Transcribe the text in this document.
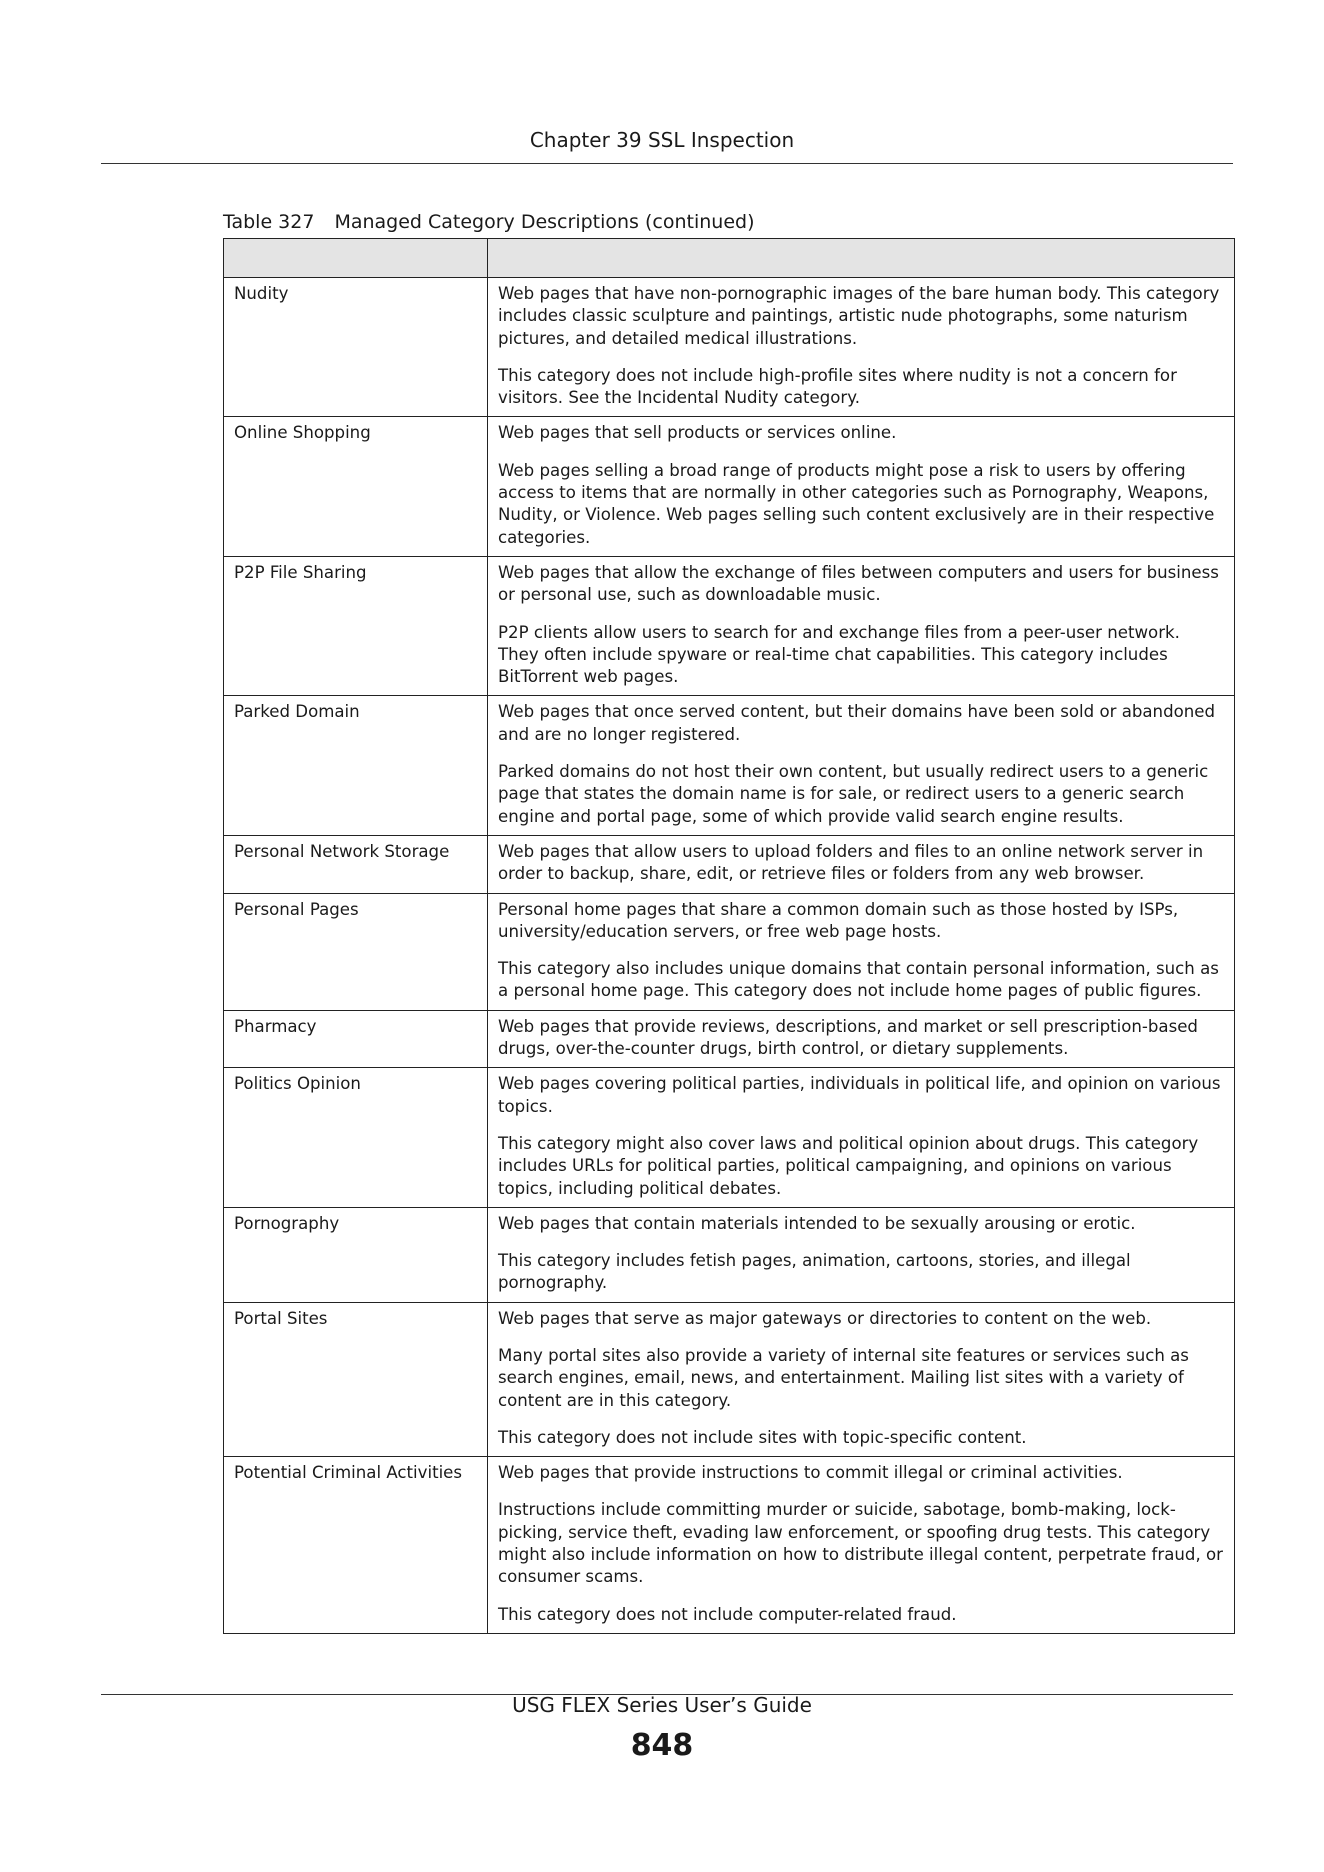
Chapter 39 SSL Inspection
Table 327 Managed Category Descriptions (continued)

Nudity	Web pages that have non-pornographic images of the bare human body. This category includes classic sculpture and paintings, artistic nude photographs, some naturism pictures, and detailed medical illustrations.

This category does not include high-profile sites where nudity is not a concern for visitors. See the Incidental Nudity category.

Online Shopping	Web pages that sell products or services online.

Web pages selling a broad range of products might pose a risk to users by offering access to items that are normally in other categories such as Pornography, Weapons, Nudity, or Violence. Web pages selling such content exclusively are in their respective categories.

P2P File Sharing	Web pages that allow the exchange of files between computers and users for business or personal use, such as downloadable music.

P2P clients allow users to search for and exchange files from a peer-user network. They often include spyware or real-time chat capabilities. This category includes BitTorrent web pages.

Parked Domain	Web pages that once served content, but their domains have been sold or abandoned and are no longer registered.

Parked domains do not host their own content, but usually redirect users to a generic page that states the domain name is for sale, or redirect users to a generic search engine and portal page, some of which provide valid search engine results.

Personal Network Storage	Web pages that allow users to upload folders and files to an online network server in order to backup, share, edit, or retrieve files or folders from any web browser.

Personal Pages	Personal home pages that share a common domain such as those hosted by ISPs, university/education servers, or free web page hosts.

This category also includes unique domains that contain personal information, such as a personal home page. This category does not include home pages of public figures.

Pharmacy	Web pages that provide reviews, descriptions, and market or sell prescription-based drugs, over-the-counter drugs, birth control, or dietary supplements.

Politics Opinion	Web pages covering political parties, individuals in political life, and opinion on various topics.

This category might also cover laws and political opinion about drugs. This category includes URLs for political parties, political campaigning, and opinions on various topics, including political debates.

Pornography	Web pages that contain materials intended to be sexually arousing or erotic.

This category includes fetish pages, animation, cartoons, stories, and illegal pornography.

Portal Sites	Web pages that serve as major gateways or directories to content on the web.

Many portal sites also provide a variety of internal site features or services such as search engines, email, news, and entertainment. Mailing list sites with a variety of content are in this category.

This category does not include sites with topic-specific content.

Potential Criminal Activities	Web pages that provide instructions to commit illegal or criminal activities.

Instructions include committing murder or suicide, sabotage, bomb-making, lock-picking, service theft, evading law enforcement, or spoofing drug tests. This category might also include information on how to distribute illegal content, perpetrate fraud, or consumer scams.

This category does not include computer-related fraud.

USG FLEX Series User’s Guide
848
